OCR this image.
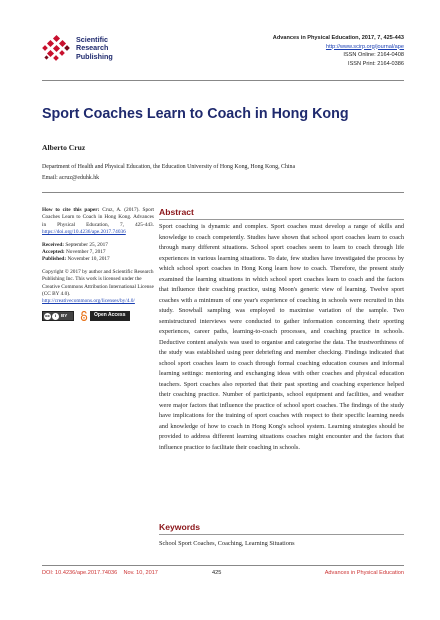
Scientific
Research
Publishing
Advances in Physical Education, 2017, 7, 425-443
http://www.scirp.org/journal/ape
ISSN Online: 2164-0408
ISSN Print: 2164-0386
Sport Coaches Learn to Coach in Hong Kong
Alberto Cruz
Department of Health and Physical Education, the Education University of Hong Kong, Hong Kong, China
Email: acruz@eduhk.hk

How to cite this paper: Cruz, A. (2017). Sport Coaches Learn to Coach in Hong Kong. Advances in Physical Education, 7, 425-443. https://doi.org/10.4236/ape.2017.74036

Received: September 25, 2017
Accepted: November 7, 2017
Published: November 10, 2017

Copyright © 2017 by author and Scientific Research Publishing Inc. This work is licensed under the Creative Commons Attribution International License (CC BY 4.0).
http://creativecommons.org/licenses/by/4.0/

cc	i	BY	Open Access
Abstract

Sport coaching is dynamic and complex. Sport coaches must develop a range of skills and knowledge to coach competently. Studies have shown that school sport coaches learn to coach through many different situations. School sport coaches seem to learn to coach through life experiences in various learning situations. To date, few studies have investigated the process by which school sport coaches in Hong Kong learn how to coach. Therefore, the present study examined the learning situations in which school sport coaches learn to coach and the factors that influence their coaching practice, using Moon's generic view of learning. Twelve sport coaches with a minimum of one year's experience of coaching in schools were recruited in this study. Snowball sampling was employed to maximise variation of the sample. Two semistructured interviews were conducted to gather information concerning their sporting experiences, career paths, learning-to-coach processes, and coaching practice in schools. Deductive content analysis was used to organise and categorise the data. The trustworthiness of the study was established using peer debriefing and member checking. Findings indicated that school sport coaches learn to coach through formal coaching education courses and informal learning settings: mentoring and exchanging ideas with other coaches and physical education teachers. Sport coaches also reported that their past sporting and coaching experience helped their coaching practice. Number of participants, school equipment and facilities, and weather were major factors that influence the practice of school sport coaches. The findings of the study have implications for the training of sport coaches with respect to their specific learning needs and knowledge of how to coach in Hong Kong's school system. Learning strategies should be provided to address different learning situations coaches might encounter and the factors that influence practice to facilitate their coaching in schools.

Keywords
School Sport Coaches, Coaching, Learning Situations
DOI: 10.4236/ape.2017.74036 Nov. 10, 2017	425	Advances in Physical Education
